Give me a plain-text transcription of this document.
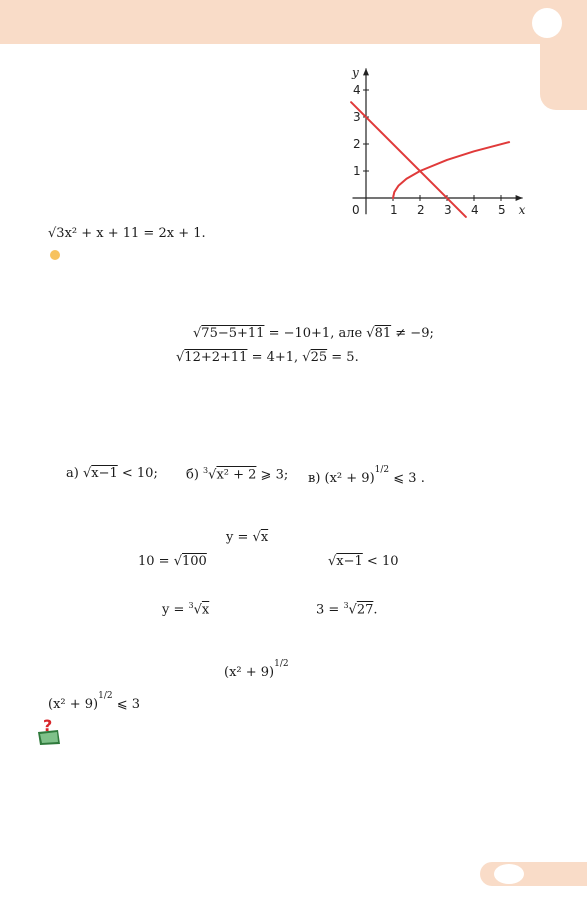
1 2 3 4 5
1
2
3
4
0	x
y
√3x² + x + 11 = 2x + 1.
√75−5+11 = −10+1, але √81 ≠ −9;
√12+2+11 = 4+1, √25 = 5.
а) √x−1 < 10; б) $^3$√x² + 2 ⩾ 3; в) $(x^2 + 9)^{1/2}$ ⩽ 3 .
y = √x
10 = √100	√x−1 < 10
y = $^3$√x	3 = $^3$√27.
$(x^2 + 9)^{1/2}$
$(x^2 + 9)^{1/2}$ ⩽ 3
?
